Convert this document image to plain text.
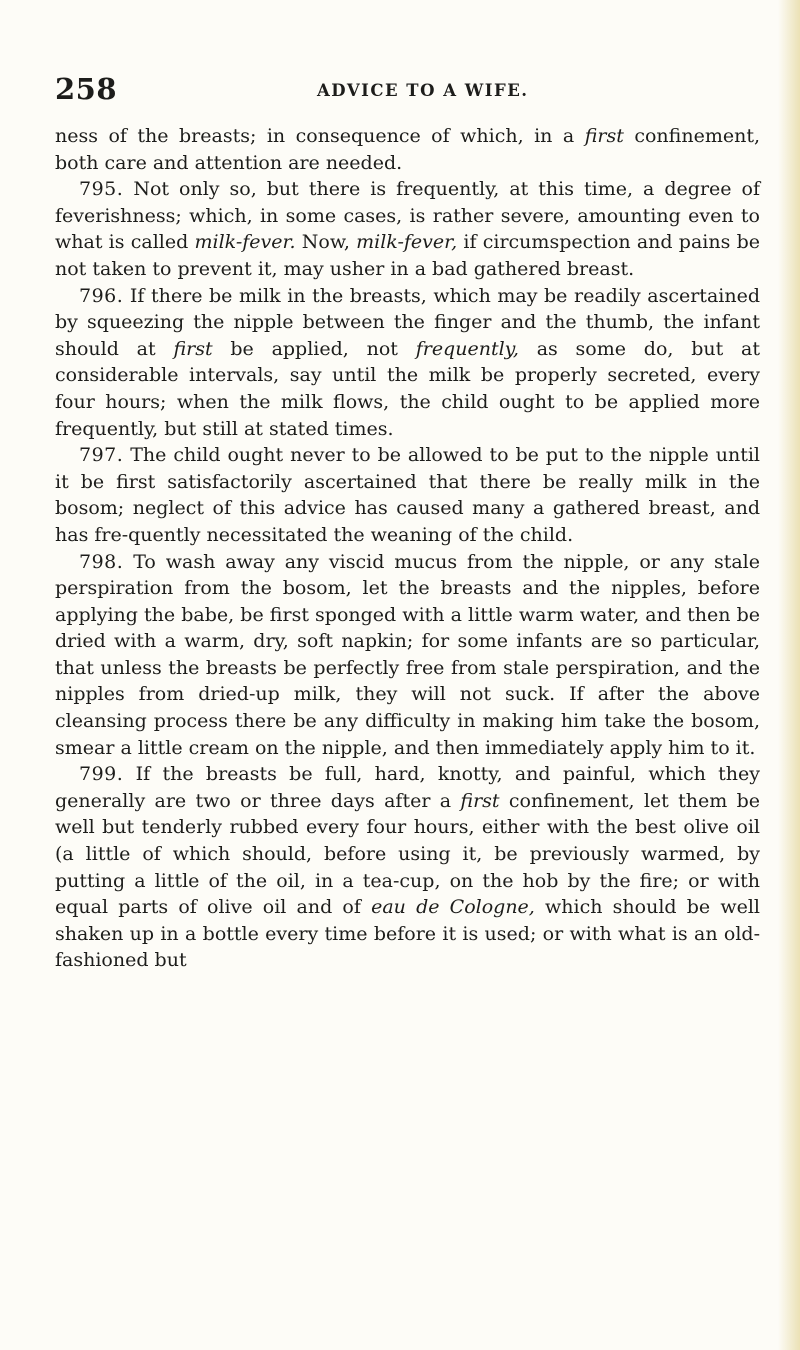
258	ADVICE TO A WIFE.

ness of the breasts; in consequence of which, in a first confinement, both care and attention are needed.

795. Not only so, but there is frequently, at this time, a degree of feverishness; which, in some cases, is rather severe, amounting even to what is called milk-fever. Now, milk-fever, if circumspection and pains be not taken to prevent it, may usher in a bad gathered breast.

796. If there be milk in the breasts, which may be readily ascertained by squeezing the nipple between the finger and the thumb, the infant should at first be applied, not frequently, as some do, but at considerable intervals, say until the milk be properly secreted, every four hours; when the milk flows, the child ought to be applied more frequently, but still at stated times.

797. The child ought never to be allowed to be put to the nipple until it be first satisfactorily ascertained that there be really milk in the bosom; neglect of this advice has caused many a gathered breast, and has fre-quently necessitated the weaning of the child.

798. To wash away any viscid mucus from the nipple, or any stale perspiration from the bosom, let the breasts and the nipples, before applying the babe, be first sponged with a little warm water, and then be dried with a warm, dry, soft napkin; for some infants are so particular, that unless the breasts be perfectly free from stale perspiration, and the nipples from dried-up milk, they will not suck. If after the above cleansing process there be any difficulty in making him take the bosom, smear a little cream on the nipple, and then immediately apply him to it.

799. If the breasts be full, hard, knotty, and painful, which they generally are two or three days after a first confinement, let them be well but tenderly rubbed every four hours, either with the best olive oil (a little of which should, before using it, be previously warmed, by putting a little of the oil, in a tea-cup, on the hob by the fire; or with equal parts of olive oil and of eau de Cologne, which should be well shaken up in a bottle every time before it is used; or with what is an old-fashioned but
